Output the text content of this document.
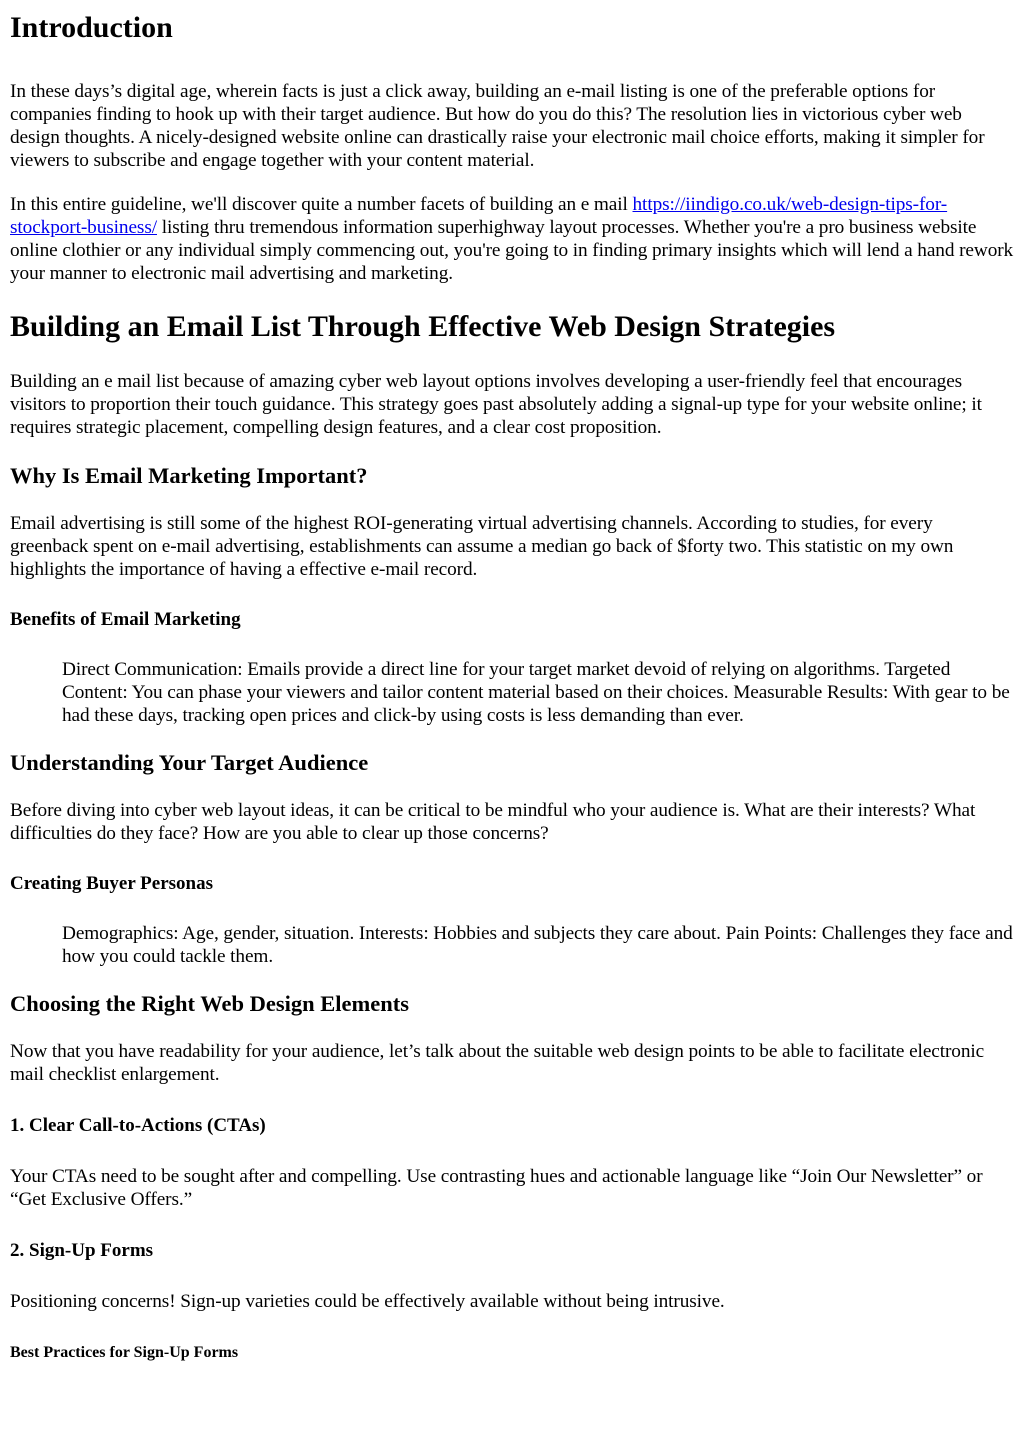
Introduction

In these days’s digital age, wherein facts is just a click away, building an e-mail listing is one of the preferable options for companies finding to hook up with their target audience. But how do you do this? The resolution lies in victorious cyber web design thoughts. A nicely-designed website online can drastically raise your electronic mail choice efforts, making it simpler for viewers to subscribe and engage together with your content material.

In this entire guideline, we'll discover quite a number facets of building an e mail https://iindigo.co.uk/web-design-tips-for-stockport-business/ listing thru tremendous information superhighway layout processes. Whether you're a pro business website online clothier or any individual simply commencing out, you're going to in finding primary insights which will lend a hand rework your manner to electronic mail advertising and marketing.

Building an Email List Through Effective Web Design Strategies

Building an e mail list because of amazing cyber web layout options involves developing a user-friendly feel that encourages visitors to proportion their touch guidance. This strategy goes past absolutely adding a signal-up type for your website online; it requires strategic placement, compelling design features, and a clear cost proposition.

Why Is Email Marketing Important?

Email advertising is still some of the highest ROI-generating virtual advertising channels. According to studies, for every greenback spent on e-mail advertising, establishments can assume a median go back of $forty two. This statistic on my own highlights the importance of having a effective e-mail record.

Benefits of Email Marketing
Direct Communication: Emails provide a direct line for your target market devoid of relying on algorithms. Targeted Content: You can phase your viewers and tailor content material based on their choices. Measurable Results: With gear to be had these days, tracking open prices and click-by using costs is less demanding than ever.
Understanding Your Target Audience

Before diving into cyber web layout ideas, it can be critical to be mindful who your audience is. What are their interests? What difficulties do they face? How are you able to clear up those concerns?

Creating Buyer Personas
Demographics: Age, gender, situation. Interests: Hobbies and subjects they care about. Pain Points: Challenges they face and how you could tackle them.
Choosing the Right Web Design Elements

Now that you have readability for your audience, let’s talk about the suitable web design points to be able to facilitate electronic mail checklist enlargement.

1. Clear Call-to-Actions (CTAs)

Your CTAs need to be sought after and compelling. Use contrasting hues and actionable language like “Join Our Newsletter” or “Get Exclusive Offers.”

2. Sign-Up Forms

Positioning concerns! Sign-up varieties could be effectively available without being intrusive.

Best Practices for Sign-Up Forms
